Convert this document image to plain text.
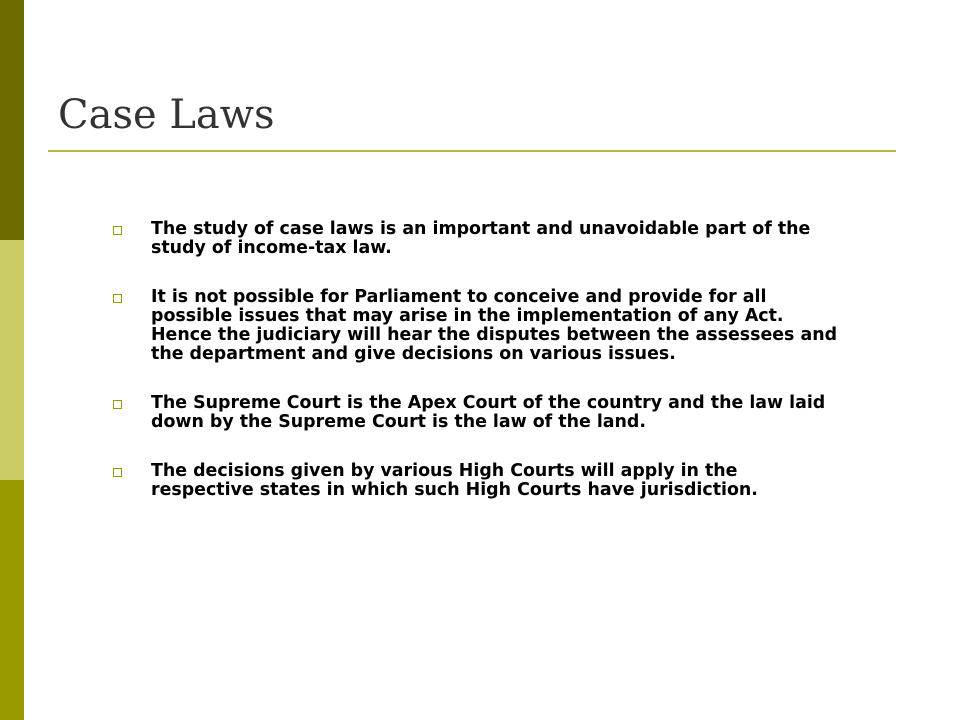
Case Laws
The study of case laws is an important and unavoidable part of the study of income-tax law.
It is not possible for Parliament to conceive and provide for all possible issues that may arise in the implementation of any Act. Hence the judiciary will hear the disputes between the assessees and the department and give decisions on various issues.
The Supreme Court is the Apex Court of the country and the law laid down by the Supreme Court is the law of the land.
The decisions given by various High Courts will apply in the respective states in which such High Courts have jurisdiction.
